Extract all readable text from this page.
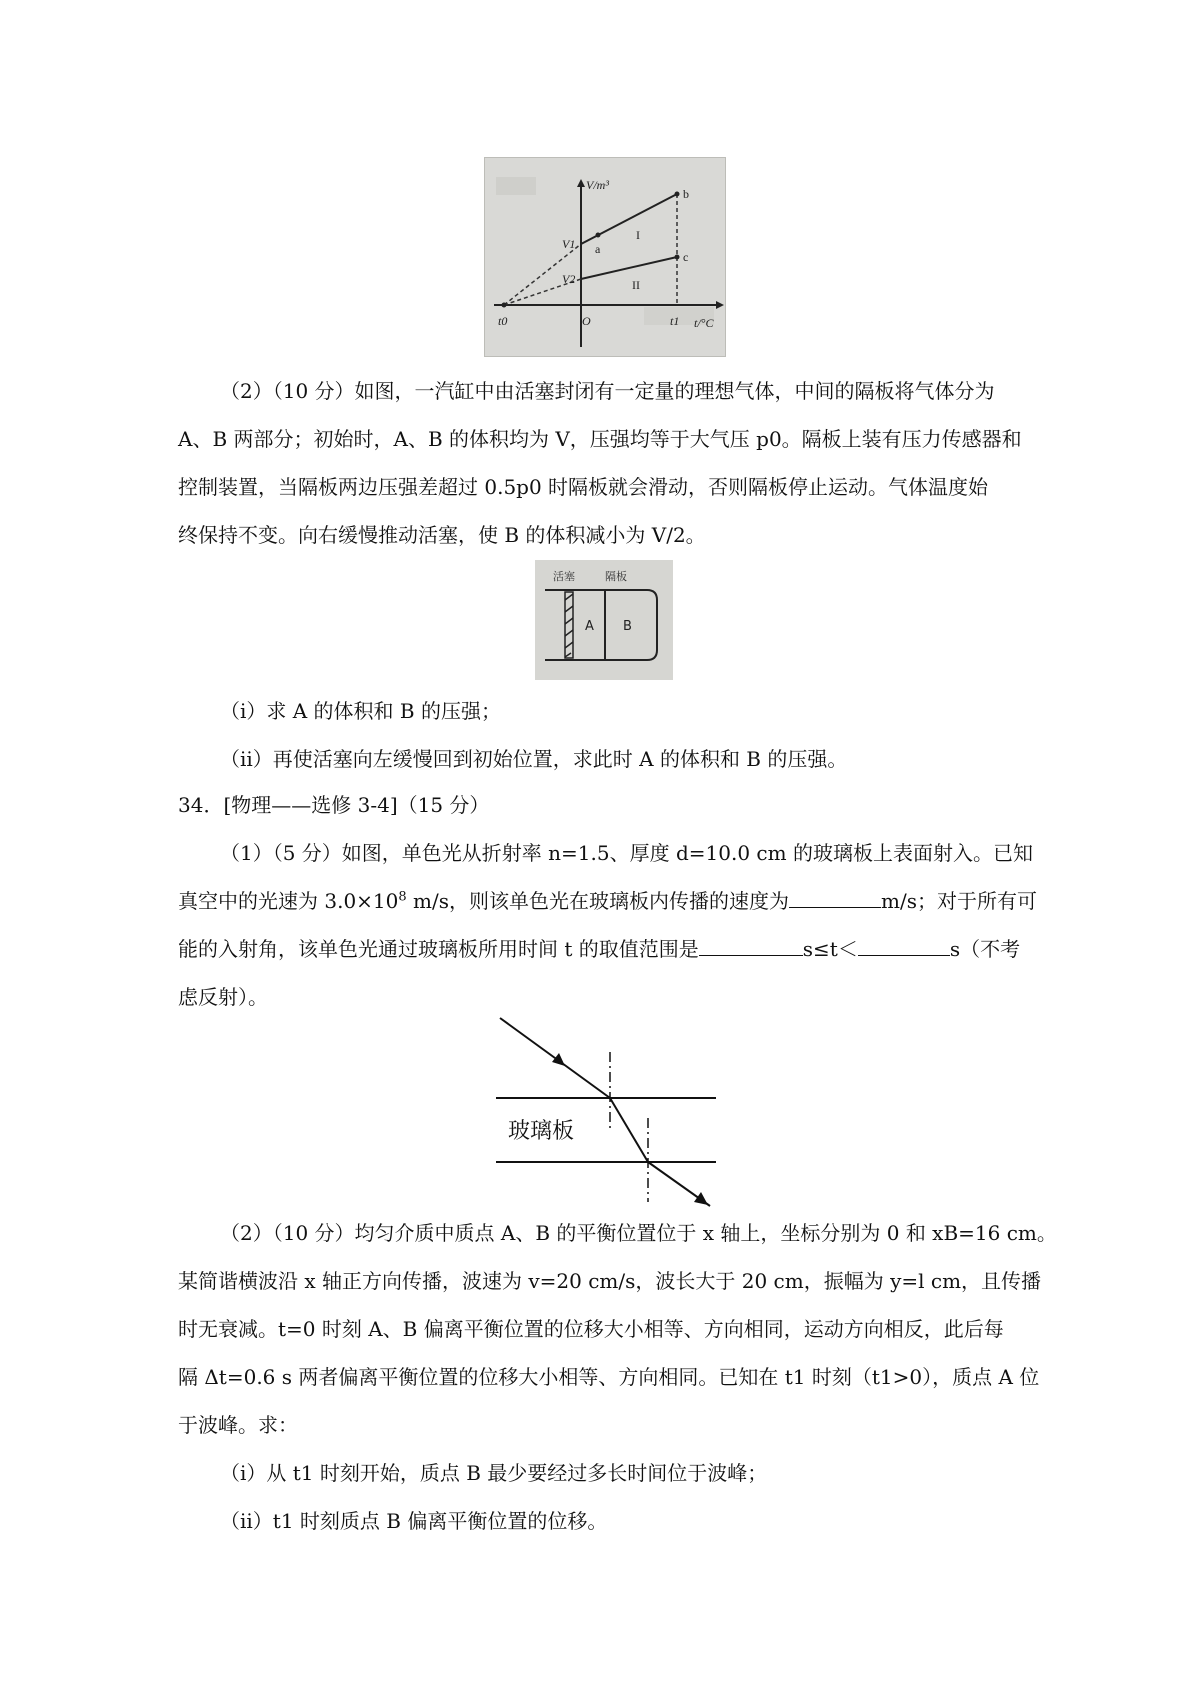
V/m³
t/°C
O
t0	t1
V1
V2
a
b
c
I
II
（2）（10 分）如图，一汽缸中由活塞封闭有一定量的理想气体，中间的隔板将气体分为
A、B 两部分；初始时，A、B 的体积均为 V，压强均等于大气压 p0。隔板上装有压力传感器和
控制装置，当隔板两边压强差超过 0.5p0 时隔板就会滑动，否则隔板停止运动。气体温度始
终保持不变。向右缓慢推动活塞，使 B 的体积减小为 V/2。
活塞	隔板
A B
（i）求 A 的体积和 B 的压强；
（ii）再使活塞向左缓慢回到初始位置，求此时 A 的体积和 B 的压强。
34．[物理——选修 3-4]（15 分）
（1）（5 分）如图，单色光从折射率 n=1.5、厚度 d=10.0 cm 的玻璃板上表面射入。已知
真空中的光速为 $3.0\times 10^8$ m/s，则该单色光在玻璃板内传播的速度为	m/s；对于所有可
能的入射角，该单色光通过玻璃板所用时间 t 的取值范围是	s≤t＜	s（不考
虑反射）。
玻璃板
（2）（10 分）均匀介质中质点 A、B 的平衡位置位于 x 轴上，坐标分别为 0 和 xB=16 cm。
某简谐横波沿 x 轴正方向传播，波速为 v=20 cm/s，波长大于 20 cm，振幅为 y=l cm，且传播
时无衰减。t=0 时刻 A、B 偏离平衡位置的位移大小相等、方向相同，运动方向相反，此后每
隔 Δt=0.6 s 两者偏离平衡位置的位移大小相等、方向相同。已知在 t1 时刻（t1>0），质点 A 位
于波峰。求：
（i）从 t1 时刻开始，质点 B 最少要经过多长时间位于波峰；
（ii）t1 时刻质点 B 偏离平衡位置的位移。
